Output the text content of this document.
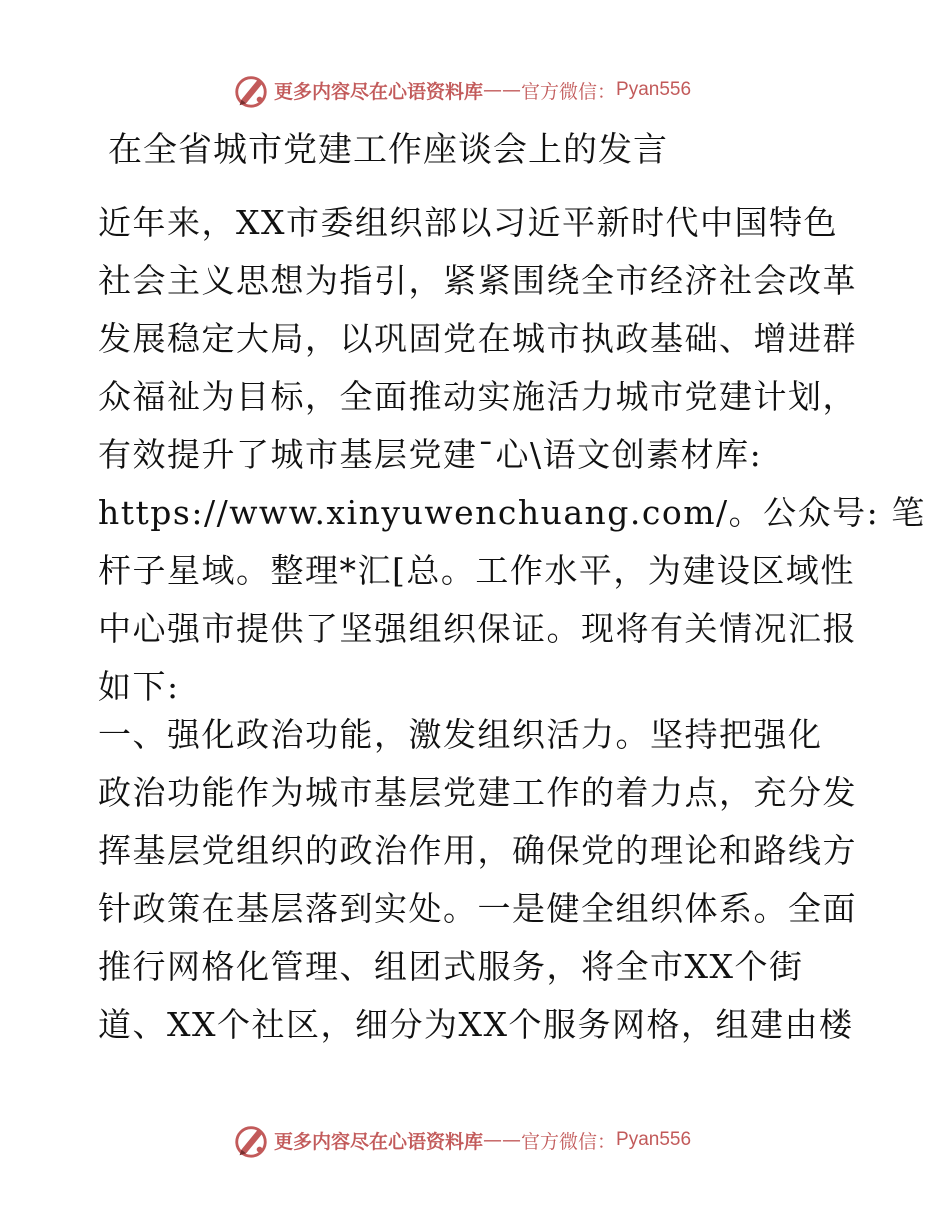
更多内容尽在心语资料库 —— 官方微信： Pyan556
在全省城市党建工作座谈会上的发言
近年来，XX市委组织部以习近平新时代中国特色
社会主义思想为指引，紧紧围绕全市经济社会改革
发展稳定大局，以巩固党在城市执政基础、增进群
众福祉为目标，全面推动实施活力城市党建计划，
有效提升了城市基层党建¯心\语文创素材库:
https://www.xinyuwenchuang.com/。公众号: 笔
杆子星域。整理*汇[总。工作水平，为建设区域性
中心强市提供了坚强组织保证。现将有关情况汇报
如下:
一、强化政治功能，激发组织活力。坚持把强化
政治功能作为城市基层党建工作的着力点，充分发
挥基层党组织的政治作用，确保党的理论和路线方
针政策在基层落到实处。一是健全组织体系。全面
推行网格化管理、组团式服务，将全市XX个街
道、XX个社区，细分为XX个服务网格，组建由楼
更多内容尽在心语资料库 —— 官方微信： Pyan556
